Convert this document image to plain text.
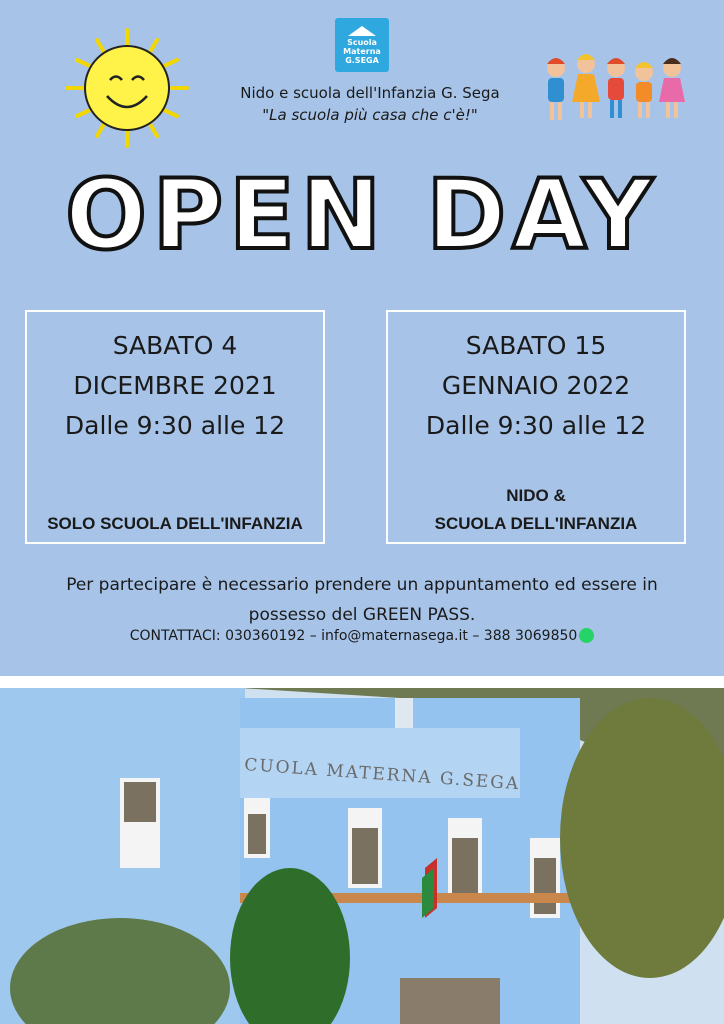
Scuola
Materna
G.SEGA
Nido e scuola dell'Infanzia G. Sega
"La scuola più casa che c'è!"
OPEN DAY
SABATO 4
DICEMBRE 2021
Dalle 9:30 alle 12
SOLO SCUOLA DELL'INFANZIA
SABATO 15
GENNAIO 2022
Dalle 9:30 alle 12
NIDO &
SCUOLA DELL'INFANZIA
Per partecipare è necessario prendere un appuntamento ed essere in
possesso del GREEN PASS.
CONTATTACI: 030360192 – info@maternasega.it – 388 3069850
CUOLA MATERNA G.SEGA
